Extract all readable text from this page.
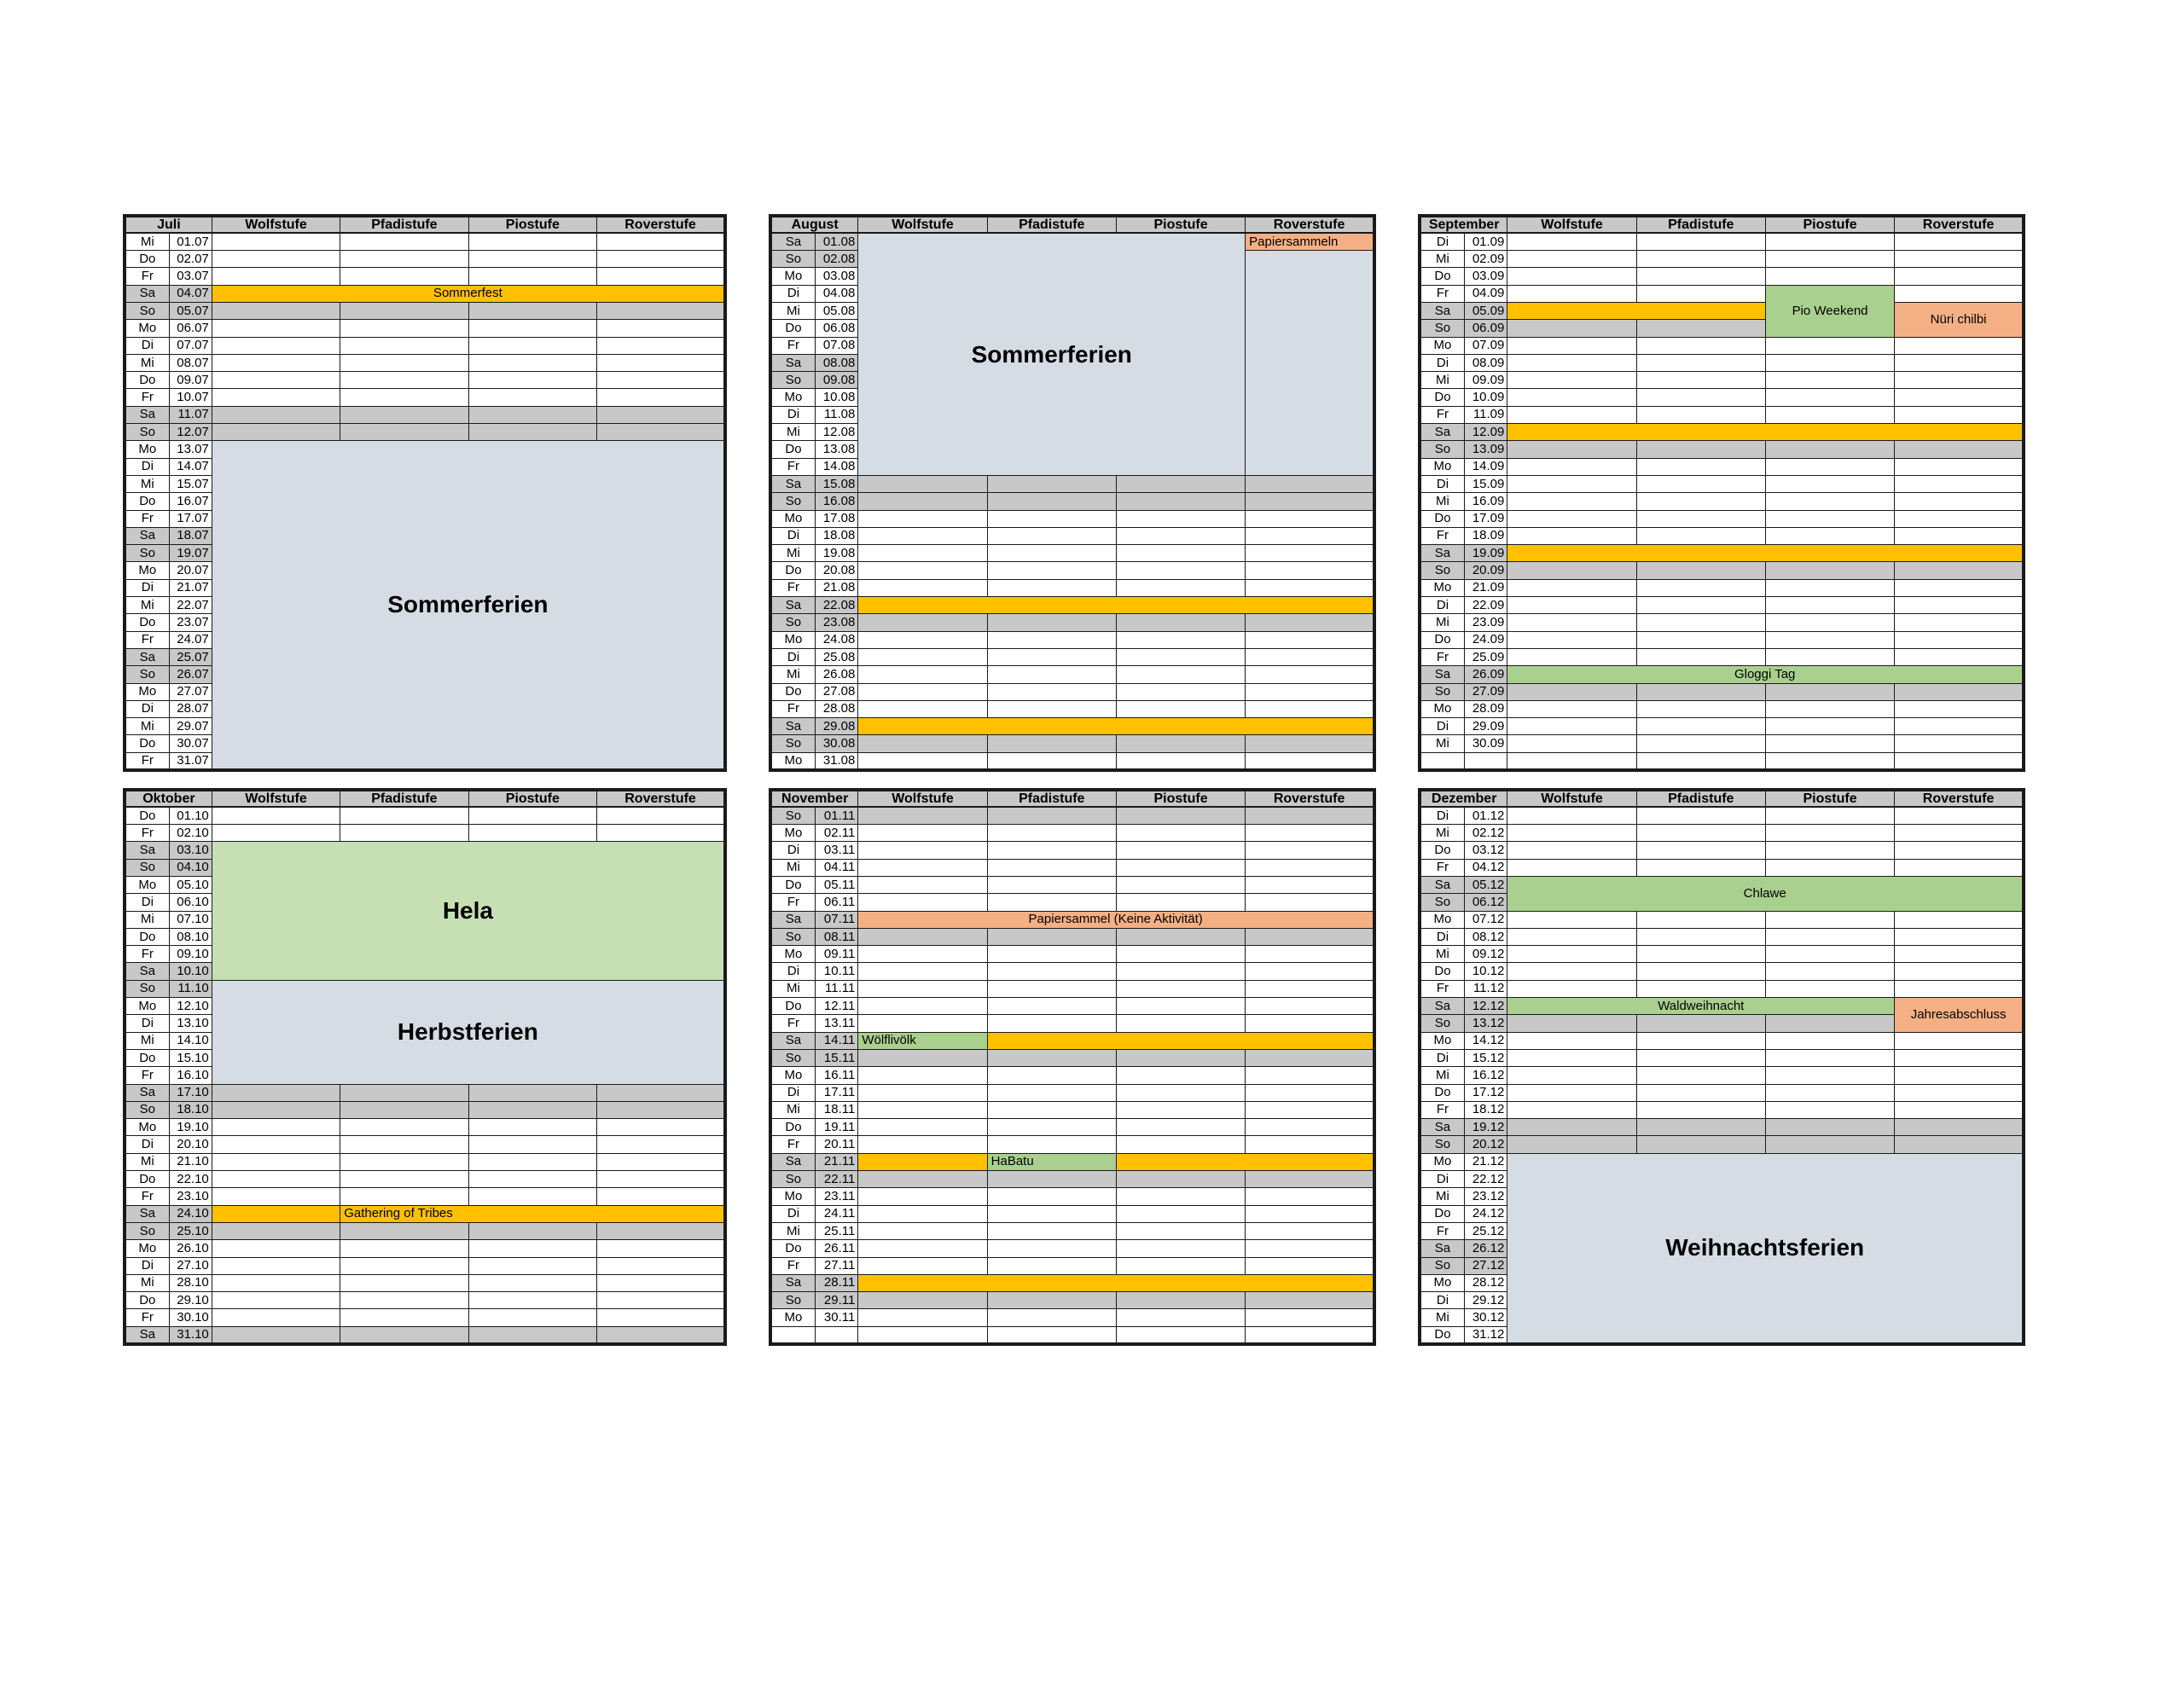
Juli		Wolfstufe	Pfadistufe	Piostufe	Roverstufe
Mi	01.07				
Do	02.07				
Fr	03.07				
Sa	04.07	Sommerfest			
So	05.07				
Mo	06.07				
Di	07.07				
Mi	08.07				
Do	09.07				
Fr	10.07				
Sa	11.07				
So	12.07				
Mo	13.07	Sommerferien			
Di	14.07				
Mi	15.07				
Do	16.07				
Fr	17.07				
Sa	18.07				
So	19.07				
Mo	20.07				
Di	21.07				
Mi	22.07				
Do	23.07				
Fr	24.07				
Sa	25.07				
So	26.07				
Mo	27.07				
Di	28.07				
Mi	29.07				
Do	30.07				
Fr	31.07				
August		Wolfstufe	Pfadistufe	Piostufe	Roverstufe
Sa	01.08	Sommerferien			Papiersammeln
So	02.08				
Mo	03.08				
Di	04.08				
Mi	05.08				
Do	06.08				
Fr	07.08				
Sa	08.08				
So	09.08				
Mo	10.08				
Di	11.08				
Mi	12.08				
Do	13.08				
Fr	14.08				
Sa	15.08				
So	16.08				
Mo	17.08				
Di	18.08				
Mi	19.08				
Do	20.08				
Fr	21.08				
Sa	22.08				
So	23.08				
Mo	24.08				
Di	25.08				
Mi	26.08				
Do	27.08				
Fr	28.08				
Sa	29.08				
So	30.08				
Mo	31.08				
September		Wolfstufe	Pfadistufe	Piostufe	Roverstufe
Di	01.09				
Mi	02.09				
Do	03.09				
Fr	04.09			Pio Weekend	
Sa	05.09				Nüri chilbi
So	06.09				
Mo	07.09				
Di	08.09				
Mi	09.09				
Do	10.09				
Fr	11.09				
Sa	12.09				
So	13.09				
Mo	14.09				
Di	15.09				
Mi	16.09				
Do	17.09				
Fr	18.09				
Sa	19.09				
So	20.09				
Mo	21.09				
Di	22.09				
Mi	23.09				
Do	24.09				
Fr	25.09				
Sa	26.09	Gloggi Tag			
So	27.09				
Mo	28.09				
Di	29.09				
Mi	30.09				

Oktober		Wolfstufe	Pfadistufe	Piostufe	Roverstufe
Do	01.10				
Fr	02.10				
Sa	03.10	Hela			
So	04.10				
Mo	05.10				
Di	06.10				
Mi	07.10				
Do	08.10				
Fr	09.10				
Sa	10.10				
So	11.10	Herbstferien			
Mo	12.10				
Di	13.10				
Mi	14.10				
Do	15.10				
Fr	16.10				
Sa	17.10				
So	18.10				
Mo	19.10				
Di	20.10				
Mi	21.10				
Do	22.10				
Fr	23.10				
Sa	24.10		Gathering of Tribes		
So	25.10				
Mo	26.10				
Di	27.10				
Mi	28.10				
Do	29.10				
Fr	30.10				
Sa	31.10				
November		Wolfstufe	Pfadistufe	Piostufe	Roverstufe
So	01.11				
Mo	02.11				
Di	03.11				
Mi	04.11				
Do	05.11				
Fr	06.11				
Sa	07.11	Papiersammel (Keine Aktivität)			
So	08.11				
Mo	09.11				
Di	10.11				
Mi	11.11				
Do	12.11				
Fr	13.11				
Sa	14.11	Wölflivölk			
So	15.11				
Mo	16.11				
Di	17.11				
Mi	18.11				
Do	19.11				
Fr	20.11				
Sa	21.11		HaBatu		
So	22.11				
Mo	23.11				
Di	24.11				
Mi	25.11				
Do	26.11				
Fr	27.11				
Sa	28.11				
So	29.11				
Mo	30.11				

Dezember		Wolfstufe	Pfadistufe	Piostufe	Roverstufe
Di	01.12				
Mi	02.12				
Do	03.12				
Fr	04.12				
Sa	05.12	Chlawe			
So	06.12				
Mo	07.12				
Di	08.12				
Mi	09.12				
Do	10.12				
Fr	11.12				
Sa	12.12	Waldweihnacht			Jahresabschluss
So	13.12				
Mo	14.12				
Di	15.12				
Mi	16.12				
Do	17.12				
Fr	18.12				
Sa	19.12				
So	20.12				
Mo	21.12	Weihnachtsferien			
Di	22.12				
Mi	23.12				
Do	24.12				
Fr	25.12				
Sa	26.12				
So	27.12				
Mo	28.12				
Di	29.12				
Mi	30.12				
Do	31.12				
